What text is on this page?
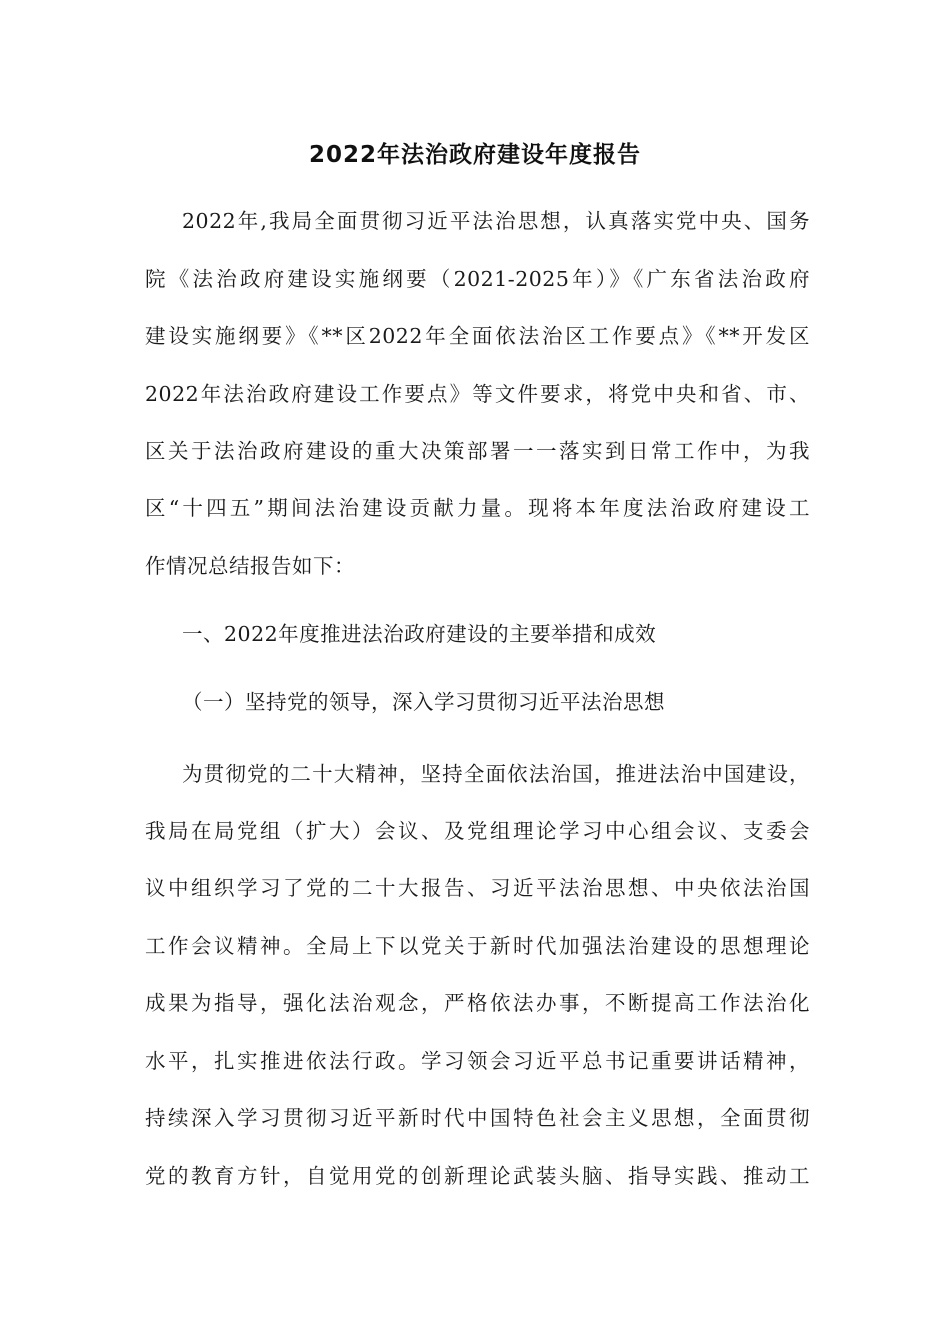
2022年法治政府建设年度报告
2022年,我局全面贯彻习近平法治思想，认真落实党中央、国务
院《法治政府建设实施纲要（2021-2025年）》《广东省法治政府
建设实施纲要》《**区2022年全面依法治区工作要点》《**开发区
2022年法治政府建设工作要点》等文件要求，将党中央和省、市、
区关于法治政府建设的重大决策部署一一落实到日常工作中，为我
区“十四五”期间法治建设贡献力量。现将本年度法治政府建设工
作情况总结报告如下：
一、2022年度推进法治政府建设的主要举措和成效
（一）坚持党的领导，深入学习贯彻习近平法治思想
为贯彻党的二十大精神，坚持全面依法治国，推进法治中国建设，
我局在局党组（扩大）会议、及党组理论学习中心组会议、支委会
议中组织学习了党的二十大报告、习近平法治思想、中央依法治国
工作会议精神。全局上下以党关于新时代加强法治建设的思想理论
成果为指导，强化法治观念，严格依法办事，不断提高工作法治化
水平，扎实推进依法行政。学习领会习近平总书记重要讲话精神，
持续深入学习贯彻习近平新时代中国特色社会主义思想，全面贯彻
党的教育方针，自觉用党的创新理论武装头脑、指导实践、推动工
